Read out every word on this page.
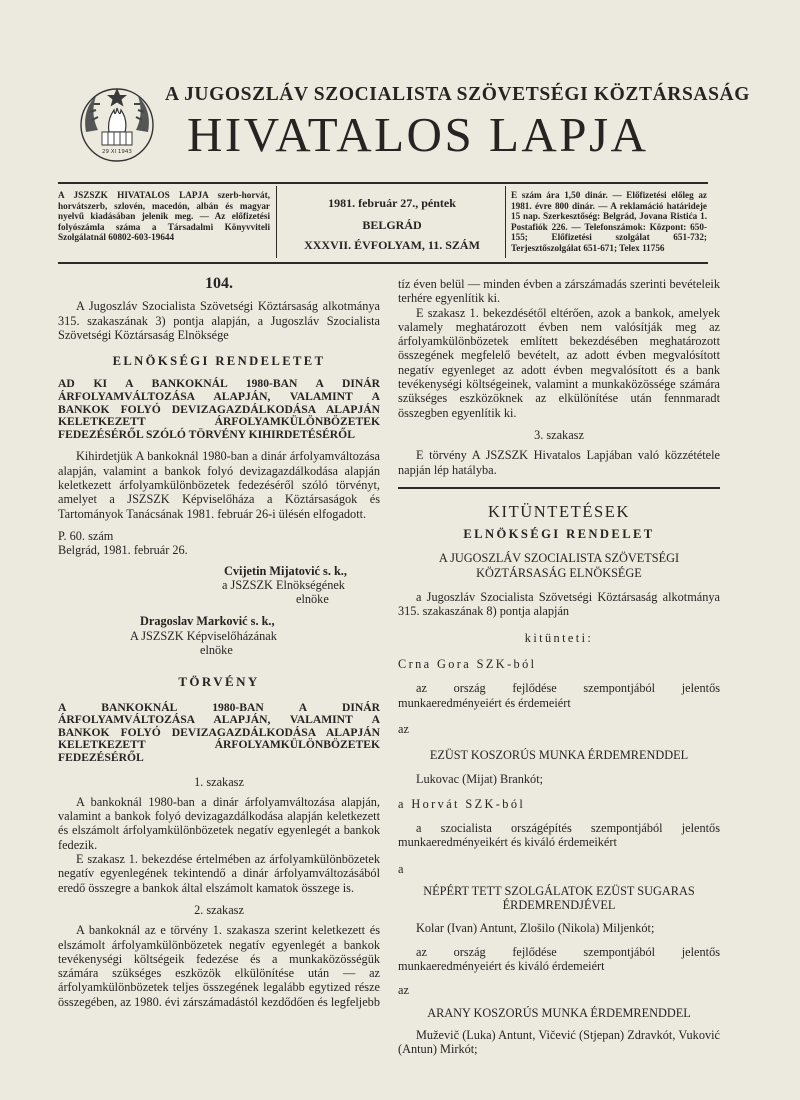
29 XI 1943
A JUGOSZLÁV SZOCIALISTA SZÖVETSÉGI KÖZTÁRSASÁG
HIVATALOS LAPJA
A JSZSZK HIVATALOS LAPJA szerb-horvát, horvátszerb, szlovén, macedón, albán és magyar nyelvű kiadásában jelenik meg. — Az előfizetési folyószámla száma a Társadalmi Könyvviteli Szolgálatnál 60802-603-19644
1981. február 27., péntek
BELGRÁD
XXXVII. ÉVFOLYAM, 11. SZÁM
E szám ára 1,50 dinár. — Előfizetési előleg az 1981. évre 800 dinár. — A reklamáció határideje 15 nap. Szerkesztőség: Belgrád, Jovana Ristića 1. Postafiók 226. — Telefonszámok: Központ: 650-155; Előfizetési szolgálat 651-732; Terjesztőszolgálat 651-671; Telex 11756
104.

A Jugoszláv Szocialista Szövetségi Köztársaság alkotmánya 315. szakaszának 3) pontja alapján, a Jugoszláv Szocialista Szövetségi Köztársaság Elnöksége

ELNÖKSÉGI RENDELETET
AD KI A BANKOKNÁL 1980-BAN A DINÁR ÁRFOLYAMVÁLTOZÁSA ALAPJÁN, VALAMINT A BANKOK FOLYÓ DEVIZAGAZDÁLKODÁSA ALAPJÁN KELETKEZETT ÁRFOLYAMKÜLÖNBÖZETEK FEDEZÉSÉRŐL SZÓLÓ TÖRVÉNY KIHIRDETÉSÉRŐL

Kihirdetjük A bankoknál 1980-ban a dinár árfolyamváltozása alapján, valamint a bankok folyó devizagazdálkodása alapján keletkezett árfolyamkülönbözetek fedezéséről szóló törvényt, amelyet a JSZSZK Képviselőháza a Köztársaságok és Tartományok Tanácsának 1981. február 26-i ülésén elfogadott.

P. 60. szám
Belgrád, 1981. február 26.
Cvijetin Mijatović s. k.,
a JSZSZK Elnökségének
elnöke
Dragoslav Marković s. k.,
A JSZSZK Képviselőházának
elnöke
TÖRVÉNY
A BANKOKNÁL 1980-BAN A DINÁR ÁRFOLYAMVÁLTOZÁSA ALAPJÁN, VALAMINT A BANKOK FOLYÓ DEVIZAGAZDÁLKODÁSA ALAPJÁN KELETKEZETT ÁRFOLYAMKÜLÖNBÖZETEK FEDEZÉSÉRŐL
1. szakasz

A bankoknál 1980-ban a dinár árfolyamváltozása alapján, valamint a bankok folyó devizagazdálkodása alapján keletkezett és elszámolt árfolyamkülönbözetek negatív egyenlegét a bankok fedezik.

E szakasz 1. bekezdése értelmében az árfolyamkülönbözetek negatív egyenlegének tekintendő a dinár árfolyamváltozásából eredő összegre a bankok által elszámolt kamatok összege is.

2. szakasz

A bankoknál az e törvény 1. szakasza szerint keletkezett és elszámolt árfolyamkülönbözetek negatív egyenlegét a bankok tevékenységi költségeik fedezése és a munkaközösségük számára szükséges eszközök elkülönítése után — az árfolyamkülönbözetek teljes összegének legalább egytized része összegében, az 1980. évi zárszámadástól kezdődően és legfeljebb

tíz éven belül — minden évben a zárszámadás szerinti bevételeik terhére egyenlítik ki.

E szakasz 1. bekezdésétől eltérően, azok a bankok, amelyek valamely meghatározott évben nem valósítják meg az árfolyamkülönbözetek említett bekezdésében meghatározott összegének megfelelő bevételt, az adott évben megvalósított negatív egyenleget az adott évben megvalósított és a bank tevékenységi költségeinek, valamint a munkaközössége számára szükséges eszközöknek az elkülönítése után fennmaradt összegben egyenlítik ki.

3. szakasz

E törvény A JSZSZK Hivatalos Lapjában való közzététele napján lép hatályba.

KITÜNTETÉSEK
ELNÖKSÉGI RENDELET
A JUGOSZLÁV SZOCIALISTA SZÖVETSÉGI KÖZTÁRSASÁG ELNÖKSÉGE

a Jugoszláv Szocialista Szövetségi Köztársaság alkotmánya 315. szakaszának 8) pontja alapján

kitünteti:
Crna Gora SZK-ból

az ország fejlődése szempontjából jelentős munkaeredményeiért és érdemeiért

az
EZÜST KOSZORÚS MUNKA ÉRDEMRENDDEL
Lukovac (Mijat) Brankót;
a Horvát SZK-ból

a szocialista országépítés szempontjából jelentős munkaeredményeikért és kiváló érdemeikért

a
NÉPÉRT TETT SZOLGÁLATOK EZÜST SUGARAS ÉRDEMRENDJÉVEL
Kolar (Ivan) Antunt, Zlošilo (Nikola) Miljenkót;

az ország fejlődése szempontjából jelentős munkaeredményeiért és kiváló érdemeiért

az
ARANY KOSZORÚS MUNKA ÉRDEMRENDDEL

Muževič (Luka) Antunt, Vičević (Stjepan) Zdravkót, Vuković (Antun) Mirkót;
